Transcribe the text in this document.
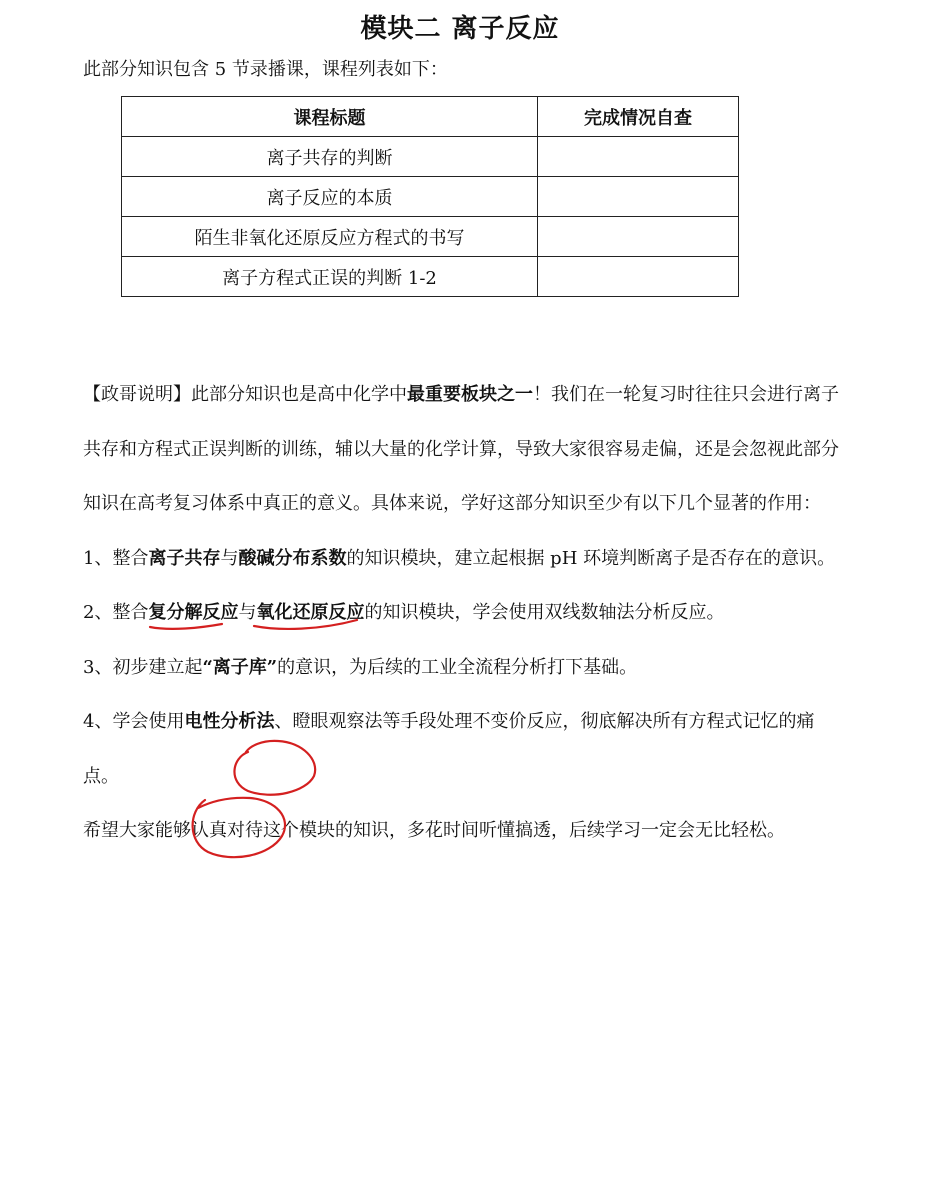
模块二 离子反应
此部分知识包含 5 节录播课，课程列表如下：
课程标题	完成情况自查
离子共存的判断	
离子反应的本质	
陌生非氧化还原反应方程式的书写	
离子方程式正误的判断 1-2	

【政哥说明】此部分知识也是高中化学中最重要板块之一！我们在一轮复习时往往只会进行离子共存和方程式正误判断的训练，辅以大量的化学计算，导致大家很容易走偏，还是会忽视此部分知识在高考复习体系中真正的意义。具体来说，学好这部分知识至少有以下几个显著的作用：

1、整合离子共存与酸碱分布系数的知识模块，建立起根据 pH 环境判断离子是否存在的意识。

2、整合复分解反应与氧化还原反应的知识模块，学会使用双线数轴法分析反应。

3、初步建立起“离子库”的意识，为后续的工业全流程分析打下基础。

4、学会使用电性分析法、瞪眼观察法等手段处理不变价反应，彻底解决所有方程式记忆的痛点。

希望大家能够认真对待这个模块的知识，多花时间听懂搞透，后续学习一定会无比轻松。
